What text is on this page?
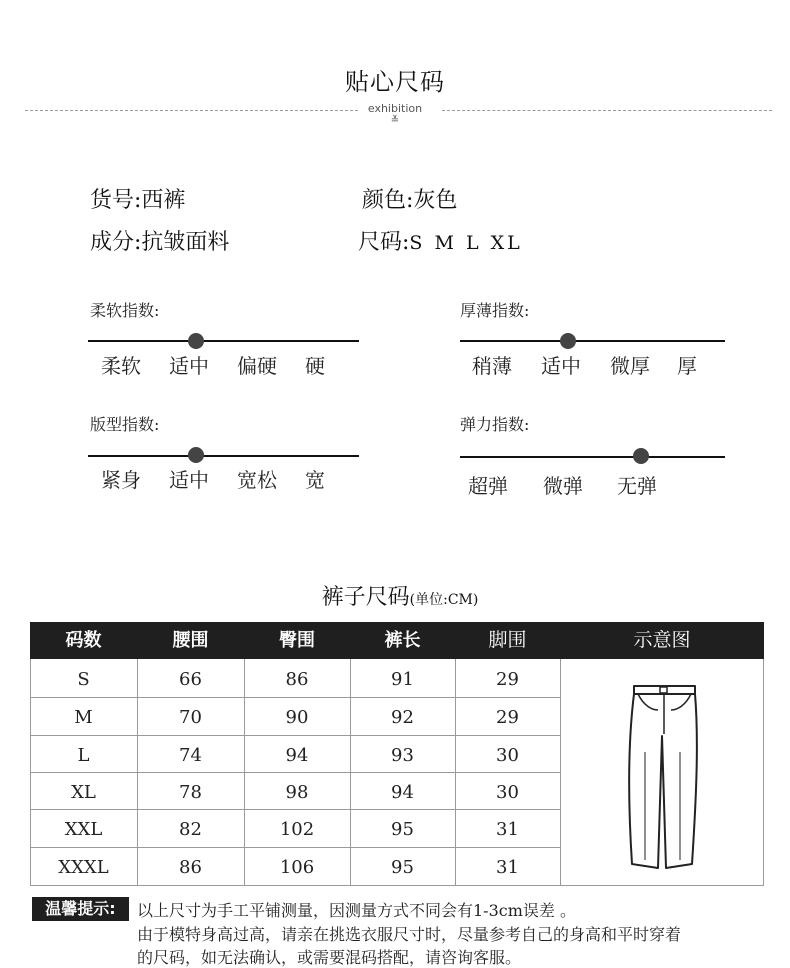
贴心尺码
exhibition
≚
货号:西裤	颜色:灰色
成分:抗皱面料	尺码:S M L XL
柔软指数:
柔软 适中 偏硬 硬
厚薄指数:
稍薄 适中 微厚 厚
版型指数:
紧身 适中 宽松 宽
弹力指数:
超弹 微弹 无弹
裤子尺码(单位:CM)
码数	腰围	臀围	裤长	脚围	示意图
S	66	86	91	29
M	70	90	92	29
L	74	94	93	30
XL	78	98	94	30
XXL	82	102	95	31
XXXL	86	106	95	31
温馨提示:	以上尺寸为手工平铺测量，因测量方式不同会有1-3cm误差 。
由于模特身高过高，请亲在挑选衣服尺寸时，尽量参考自己的身高和平时穿着
的尺码，如无法确认，或需要混码搭配，请咨询客服。
